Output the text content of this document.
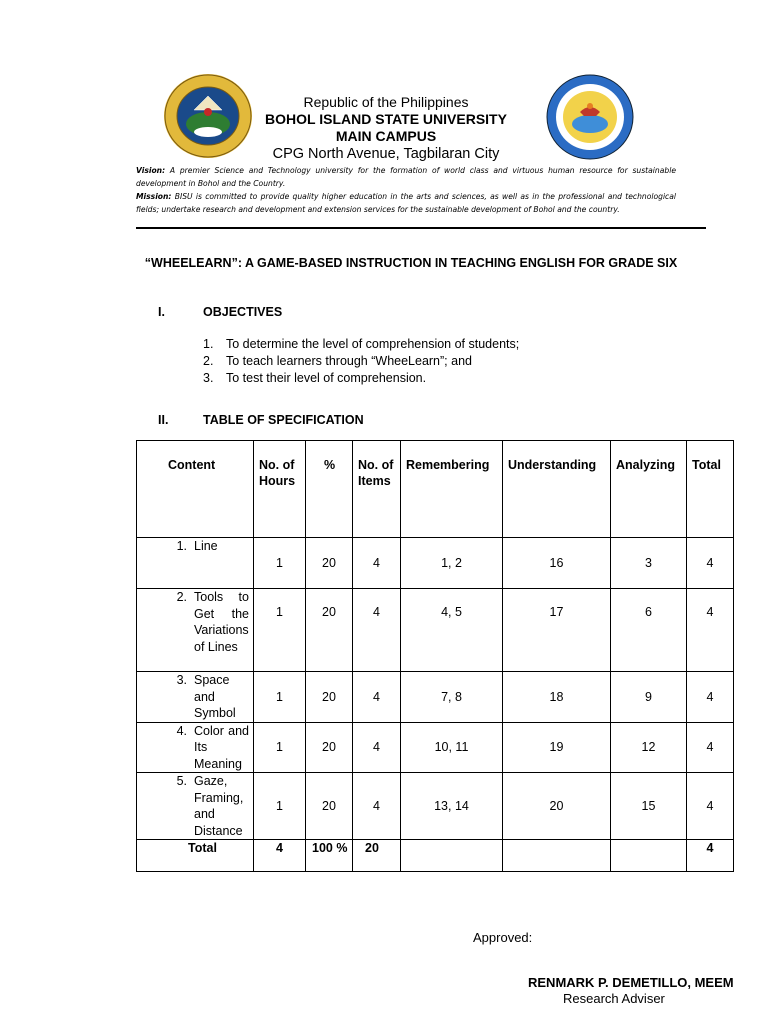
Republic of the Philippines
BOHOL ISLAND STATE UNIVERSITY
MAIN CAMPUS
CPG North Avenue, Tagbilaran City
Vision: A premier Science and Technology university for the formation of world class and virtuous human resource for sustainable development in Bohol and the Country.
Mission: BISU is committed to provide quality higher education in the arts and sciences, as well as in the professional and technological fields; undertake research and development and extension services for the sustainable development of Bohol and the country.
“WHEELEARN”: A GAME-BASED INSTRUCTION IN TEACHING ENGLISH FOR GRADE SIX
I.	OBJECTIVES
1.	To determine the level of comprehension of students;
2.	To teach learners through “WheeLearn”; and
3.	To test their level of comprehension.
II.	TABLE OF SPECIFICATION
Content	No. of Hours	%	No. of Items	Remembering	Understanding	Analyzing	Total

1. Line	1	20	4	1, 2	16	3	4

2. Tools to Get the Variations of Lines	1	20	4	4, 5	17	6	4

3. Space and Symbol	1	20	4	7, 8	18	9	4

4. Color and Its Meaning	1	20	4	10, 11	19	12	4

5. Gaze, Framing, and Distance	1	20	4	13, 14	20	15	4
Total	4	100 %	20				4
Approved:
RENMARK P. DEMETILLO, MEEM
Research Adviser
